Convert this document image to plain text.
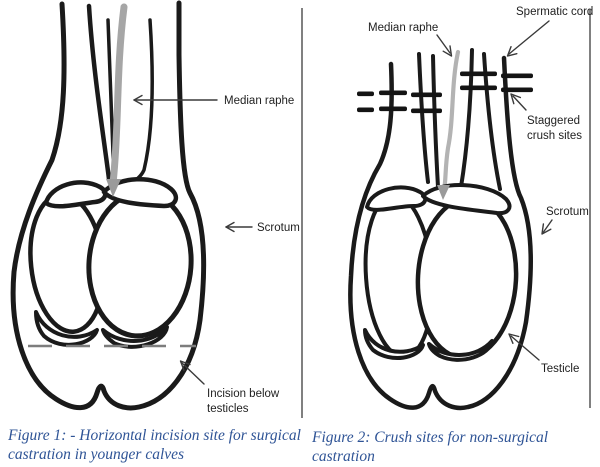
Median raphe
Scrotum
Incision below
testicles
Median raphe
Spermatic cord
Staggered
crush sites
Scrotum
Testicle
Figure 1: - Horizontal incision site for surgical
castration in younger calves
Figure 2: Crush sites for non-surgical
castration
